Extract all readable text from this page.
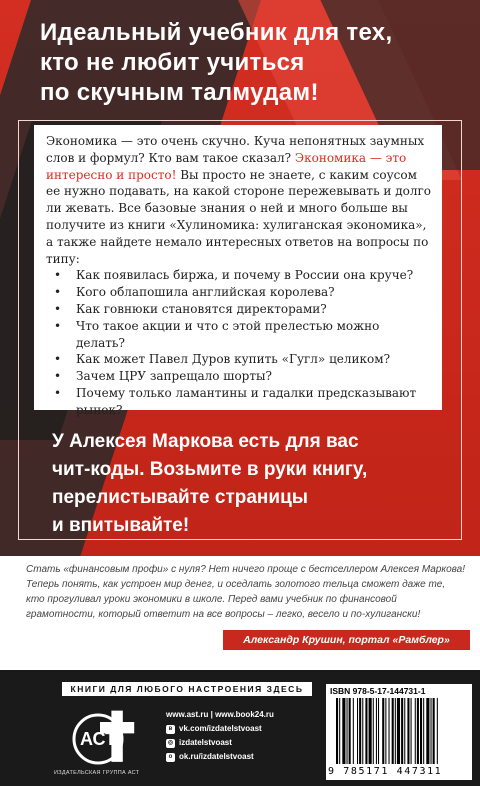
Идеальный учебник для тех,
кто не любит учиться
по скучным талмудам!

Экономика — это очень скучно. Куча непонятных заумных слов и формул? Кто вам такое сказал? Экономика — это интересно и просто! Вы просто не знаете, с каким соусом ее нужно подавать, на какой стороне пережевывать и долго ли жевать. Все базовые знания о ней и много больше вы получите из книги «Хулиномика: хулиганская экономика», а также найдете немало интересных ответов на вопросы по типу:

• Как появилась биржа, и почему в России она круче?
• Кого облапошила английская королева?
• Как говнюки становятся директорами?
• Что такое акции и что с этой прелестью можно делать?
• Как может Павел Дуров купить «Гугл» целиком?
• Зачем ЦРУ запрещало шорты?
• Почему только ламантины и гадалки предсказывают рынок?
У Алексея Маркова есть для вас
чит-коды. Возьмите в руки книгу,
перелистывайте страницы
и впитывайте!

Стать «финансовым профи» с нуля? Нет ничего проще с бестселлером Алексея Маркова! Теперь понять, как устроен мир денег, и оседлать золотого тельца сможет даже те, кто прогуливал уроки экономики в школе. Перед вами учебник по финансовой грамотности, который ответит на все вопросы – легко, весело и по-хулигански!

Александр Крушин, портал «Рамблер»
КНИГИ ДЛЯ ЛЮБОГО НАСТРОЕНИЯ ЗДЕСЬ
АСТ
ИЗДАТЕЛЬСКАЯ ГРУППА АСТ
www.ast.ru | www.book24.ru
в vk.com/izdatelstvoast
◎ izdatelstvoast
о ok.ru/izdatelstvoast
ISBN 978-5-17-144731-1
9 785171 447311
